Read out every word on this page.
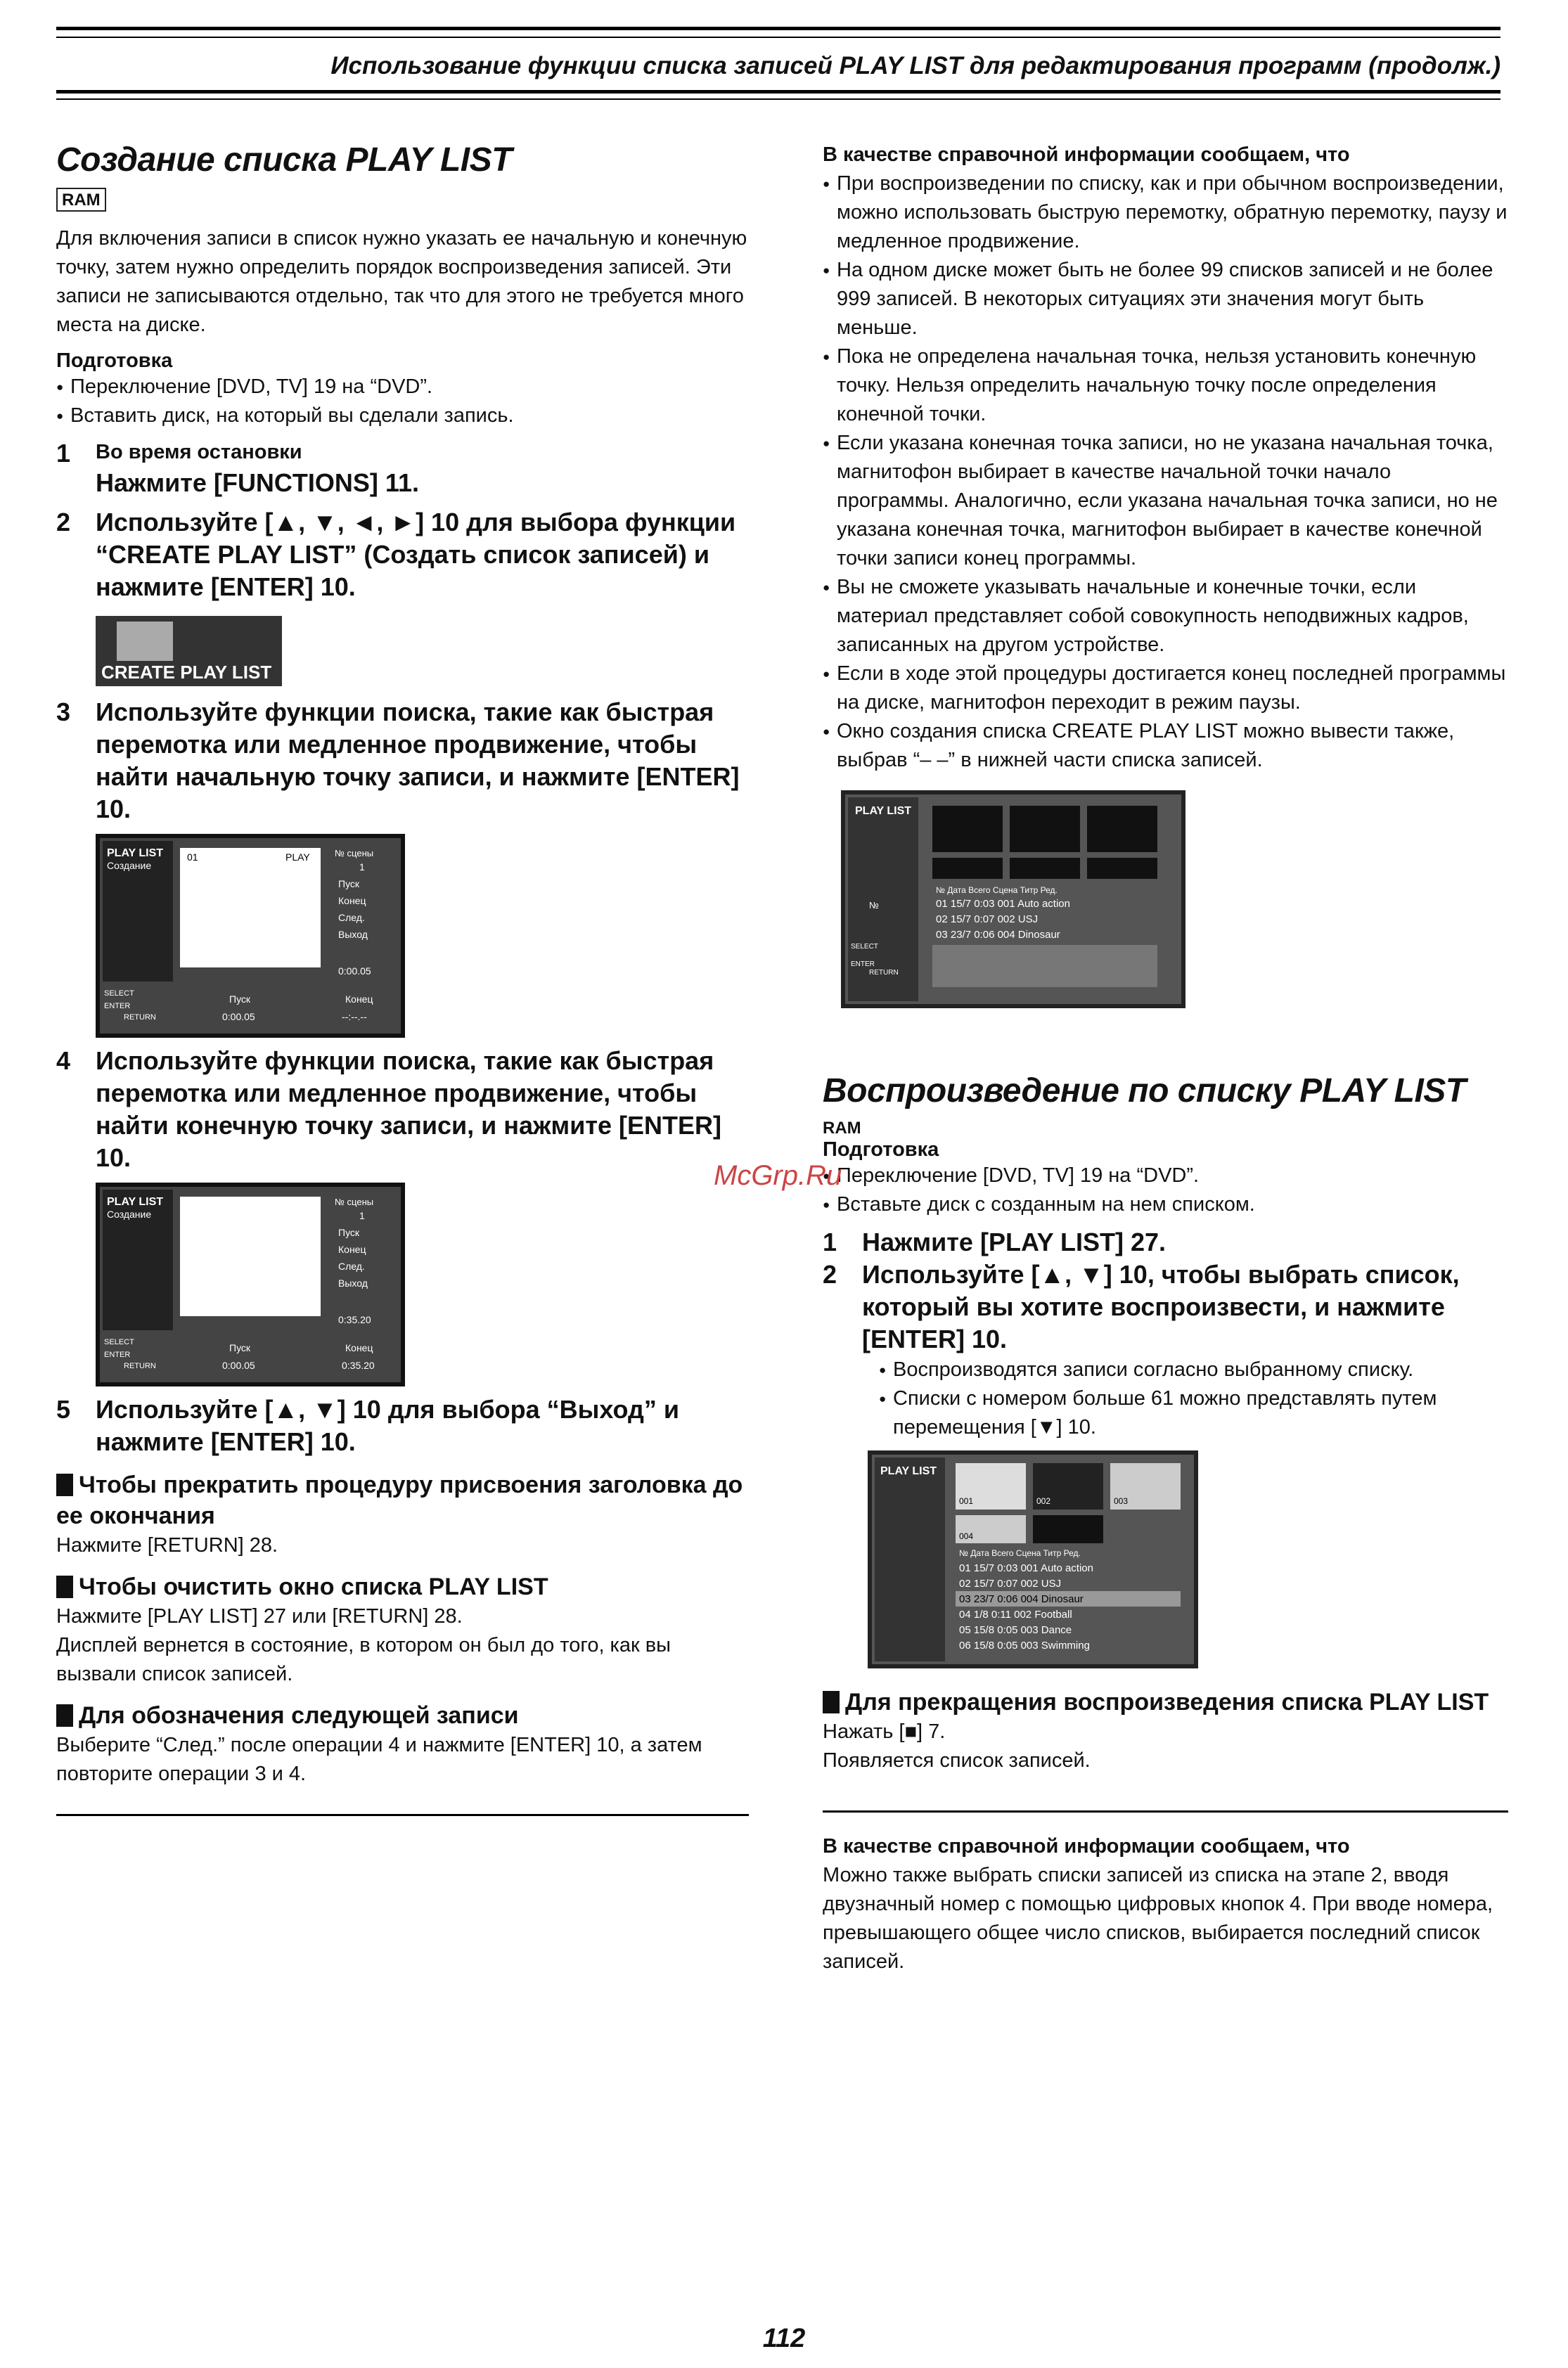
Использование функции списка записей PLAY LIST для редактирования программ (продолж.)
Создание списка PLAY LIST
RAM

Для включения записи в список нужно указать ее начальную и конечную точку, затем нужно определить порядок воспроизведения записей. Эти записи не записываются отдельно, так что для этого не требуется много места на диске.

Подготовка
● Переключение [DVD, TV] 19 на “DVD”.
● Вставить диск, на который вы сделали запись.
1 Во время остановки
Нажмите [FUNCTIONS] 11.
2 Используйте [▲, ▼, ◄, ►] 10 для выбора функции “CREATE PLAY LIST” (Создать список записей) и нажмите [ENTER] 10.
CREATE PLAY LIST
3 Используйте функции поиска, такие как быстрая перемотка или медленное продвижение, чтобы найти начальную точку записи, и нажмите [ENTER] 10.
PLAY LIST
Создание
01	PLAY	№ сцены
1
Пуск
Конец
След.
Выход
0:00.05
SELECT
ENTER
RETURN
Пуск
0:00.05
Конец
--:--.--
4 Используйте функции поиска, такие как быстрая перемотка или медленное продвижение, чтобы найти конечную точку записи, и нажмите [ENTER] 10.
PLAY LIST
Создание
№ сцены
1
Пуск
Конец
След.
Выход
0:35.20
SELECT
ENTER
RETURN
Пуск
0:00.05
Конец
0:35.20
5 Используйте [▲, ▼] 10 для выбора “Выход” и нажмите [ENTER] 10.
Чтобы прекратить процедуру присвоения заголовка до ее окончания

Нажмите [RETURN] 28.

Чтобы очистить окно списка PLAY LIST

Нажмите [PLAY LIST] 27 или [RETURN] 28.

Дисплей вернется в состояние, в котором он был до того, как вы вызвали список записей.

Для обозначения следующей записи

Выберите “След.” после операции 4 и нажмите [ENTER] 10, а затем повторите операции 3 и 4.

В качестве справочной информации сообщаем, что
● При воспроизведении по списку, как и при обычном воспроизведении, можно использовать быструю перемотку, обратную перемотку, паузу и медленное продвижение.
● На одном диске может быть не более 99 списков записей и не более 999 записей. В некоторых ситуациях эти значения могут быть меньше.
● Пока не определена начальная точка, нельзя установить конечную точку. Нельзя определить начальную точку после определения конечной точки.
● Если указана конечная точка записи, но не указана начальная точка, магнитофон выбирает в качестве начальной точки начало программы. Аналогично, если указана начальная точка записи, но не указана конечная точка, магнитофон выбирает в качестве конечной точки записи конец программы.
● Вы не сможете указывать начальные и конечные точки, если материал представляет собой совокупность неподвижных кадров, записанных на другом устройстве.
● Если в ходе этой процедуры достигается конец последней программы на диске, магнитофон переходит в режим паузы.
● Окно создания списка CREATE PLAY LIST можно вывести также, выбрав “– –” в нижней части списка записей.
PLAY LIST
№ Дата Всего Сцена Титр Ред.
№	01 15/7 0:03 001 Auto action
02 15/7 0:07 002 USJ
03 23/7 0:06 004 Dinosaur
SELECT
ENTER
RETURN
Воспроизведение по списку PLAY LIST
RAM
Подготовка
● Переключение [DVD, TV] 19 на “DVD”.
● Вставьте диск с созданным на нем списком.
1 Нажмите [PLAY LIST] 27.
2 Используйте [▲, ▼] 10, чтобы выбрать список, который вы хотите воспроизвести, и нажмите [ENTER] 10.
● Воспроизводятся записи согласно выбранному списку.
● Списки с номером больше 61 можно представлять путем перемещения [▼] 10.
PLAY LIST
001	002	003
004
№ Дата Всего Сцена Титр Ред.
01 15/7 0:03 001 Auto action
02 15/7 0:07 002 USJ
03 23/7 0:06 004 Dinosaur
04 1/8 0:11 002 Football
05 15/8 0:05 003 Dance
06 15/8 0:05 003 Swimming
Для прекращения воспроизведения списка PLAY LIST

Нажать [■] 7.

Появляется список записей.

В качестве справочной информации сообщаем, что

Можно также выбрать списки записей из списка на этапе 2, вводя двузначный номер с помощью цифровых кнопок 4. При вводе номера, превышающего общее число списков, выбирается последний список записей.

McGrp.Ru
112
